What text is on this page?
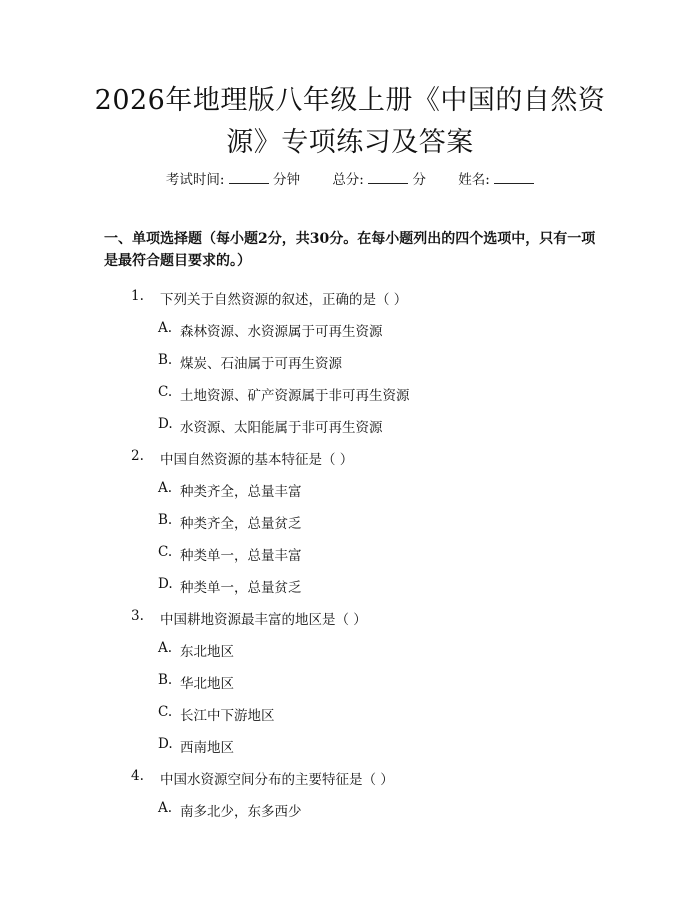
2026年地理版八年级上册《中国的自然资
源》专项练习及答案
考试时间:	分钟 总分:	分 姓名:
一、单项选择题（每小题2分，共30分。在每小题列出的四个选项中，只有一项是最符合题目要求的。）
1. 下列关于自然资源的叙述，正确的是（ ）
A. 森林资源、水资源属于可再生资源
B. 煤炭、石油属于可再生资源
C. 土地资源、矿产资源属于非可再生资源
D. 水资源、太阳能属于非可再生资源
2. 中国自然资源的基本特征是（ ）
A. 种类齐全，总量丰富
B. 种类齐全，总量贫乏
C. 种类单一，总量丰富
D. 种类单一，总量贫乏
3. 中国耕地资源最丰富的地区是（ ）
A. 东北地区
B. 华北地区
C. 长江中下游地区
D. 西南地区
4. 中国水资源空间分布的主要特征是（ ）
A. 南多北少，东多西少
